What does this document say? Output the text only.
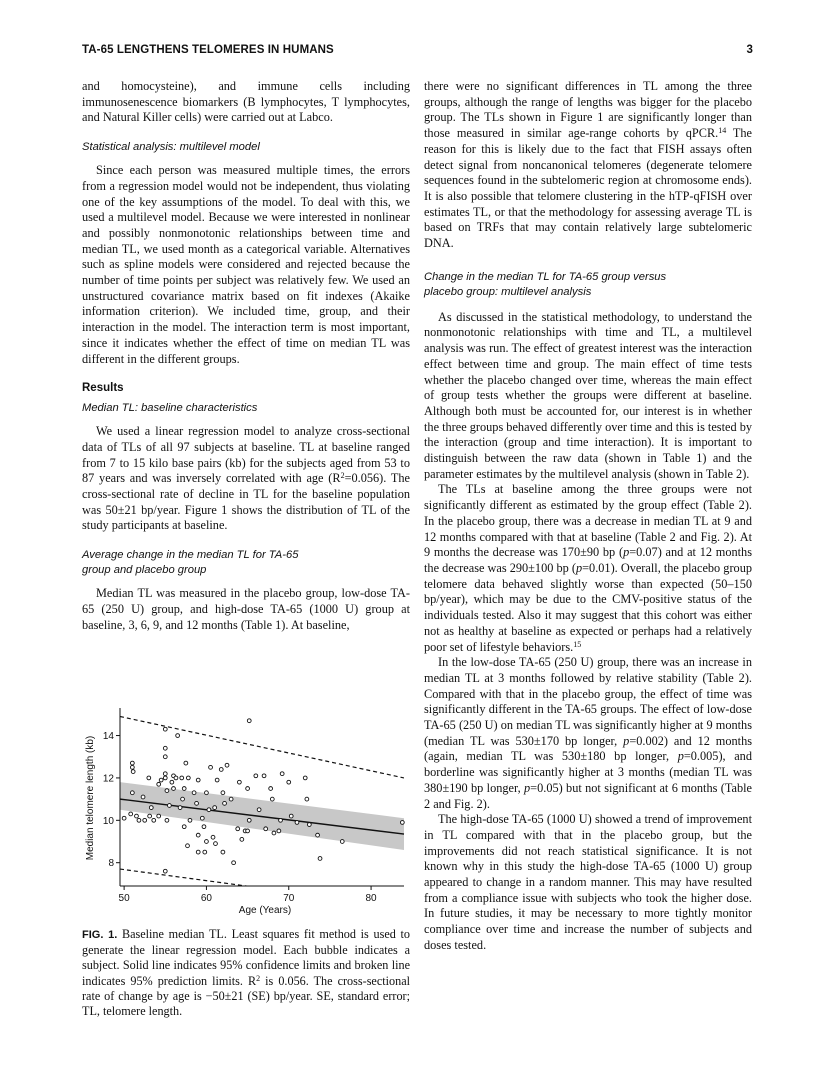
TA-65 LENGTHENS TELOMERES IN HUMANS	3

and homocysteine), and immune cells including immunosenescence biomarkers (B lymphocytes, T lymphocytes, and Natural Killer cells) were carried out at Labco.

Statistical analysis: multilevel model

Since each person was measured multiple times, the errors from a regression model would not be independent, thus violating one of the key assumptions of the model. To deal with this, we used a multilevel model. Because we were interested in nonlinear and possibly nonmonotonic relationships between time and median TL, we used month as a categorical variable. Alternatives such as spline models were considered and rejected because the number of time points per subject was relatively few. We used an unstructured covariance matrix based on fit indexes (Akaike information criterion). We included time, group, and their interaction in the model. The interaction term is most important, since it indicates whether the effect of time on median TL was different in the different groups.

Results
Median TL: baseline characteristics

We used a linear regression model to analyze cross-sectional data of TLs of all 97 subjects at baseline. TL at baseline ranged from 7 to 15 kilo base pairs (kb) for the subjects aged from 53 to 87 years and was inversely correlated with age $(R^2=0.056)$. The cross-sectional rate of decline in TL for the baseline population was 50±21 bp/year. Figure 1 shows the distribution of TL of the study participants at baseline.

Average change in the median TL for TA-65
group and placebo group

Median TL was measured in the placebo group, low-dose TA-65 (250 U) group, and high-dose TA-65 (1000 U) group at baseline, 3, 6, 9, and 12 months (Table 1). At baseline,

50	60	70	80
8
10
12
14
Age (Years)
Median telomere length (kb)
FIG. 1. Baseline median TL. Least squares fit method is used to generate the linear regression model. Each bubble indicates a subject. Solid line indicates 95% confidence limits and broken line indicates 95% prediction limits. $R^2$ is 0.056. The cross-sectional rate of change by age is −50±21 (SE) bp/year. SE, standard error; TL, telomere length.

there were no significant differences in TL among the three groups, although the range of lengths was bigger for the placebo group. The TLs shown in Figure 1 are significantly longer than those measured in similar age-range cohorts by qPCR.$^{14}$ The reason for this is likely due to the fact that FISH assays often detect signal from noncanonical telomeres (degenerate telomere sequences found in the subtelomeric region at chromosome ends). It is also possible that telomere clustering in the hTP-qFISH over estimates TL, or that the methodology for assessing average TL is based on TRFs that may contain relatively large subtelomeric DNA.

Change in the median TL for TA-65 group versus
placebo group: multilevel analysis

As discussed in the statistical methodology, to understand the nonmonotonic relationships with time and TL, a multilevel analysis was run. The effect of greatest interest was the interaction effect between time and group. The main effect of time tests whether the placebo changed over time, whereas the main effect of group tests whether the groups were different at baseline. Although both must be accounted for, our interest is in whether the three groups behaved differently over time and this is tested by the interaction (group and time interaction). It is important to distinguish between the raw data (shown in Table 1) and the parameter estimates by the multilevel analysis (shown in Table 2).

The TLs at baseline among the three groups were not significantly different as estimated by the group effect (Table 2). In the placebo group, there was a decrease in median TL at 9 and 12 months compared with that at baseline (Table 2 and Fig. 2). At 9 months the decrease was 170±90 bp (p=0.07) and at 12 months the decrease was 290±100 bp (p=0.01). Overall, the placebo group telomere data behaved slightly worse than expected (50–150 bp/year), which may be due to the CMV-positive status of the individuals tested. Also it may suggest that this cohort was either not as healthy at baseline as expected or perhaps had a relatively poor set of lifestyle behaviors.$^{15}$

In the low-dose TA-65 (250 U) group, there was an increase in median TL at 3 months followed by relative stability (Table 2). Compared with that in the placebo group, the effect of time was significantly different in the TA-65 groups. The effect of low-dose TA-65 (250 U) on median TL was significantly higher at 9 months (median TL was 530±170 bp longer, p=0.002) and 12 months (again, median TL was 530±180 bp longer, p=0.005), and borderline was significantly higher at 3 months (median TL was 380±190 bp longer, p=0.05) but not significant at 6 months (Table 2 and Fig. 2).

The high-dose TA-65 (1000 U) showed a trend of improvement in TL compared with that in the placebo group, but the improvements did not reach statistical significance. It is not known why in this study the high-dose TA-65 (1000 U) group appeared to change in a random manner. This may have resulted from a compliance issue with subjects who took the higher dose. In future studies, it may be necessary to more tightly monitor compliance over time and increase the number of subjects and doses tested.
